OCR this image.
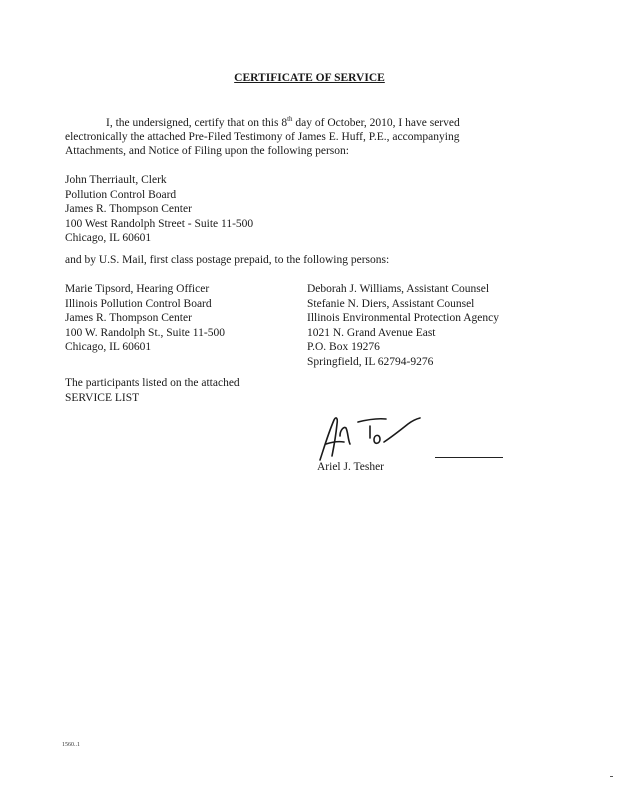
CERTIFICATE OF SERVICE
I, the undersigned, certify that on this 8th day of October, 2010, I have served
electronically the attached Pre-Filed Testimony of James E. Huff, P.E., accompanying
Attachments, and Notice of Filing upon the following person:
John Therriault, Clerk
Pollution Control Board
James R. Thompson Center
100 West Randolph Street - Suite 11-500
Chicago, IL 60601
and by U.S. Mail, first class postage prepaid, to the following persons:
Marie Tipsord, Hearing Officer
Illinois Pollution Control Board
James R. Thompson Center
100 W. Randolph St., Suite 11-500
Chicago, IL 60601
Deborah J. Williams, Assistant Counsel
Stefanie N. Diers, Assistant Counsel
Illinois Environmental Protection Agency
1021 N. Grand Avenue East
P.O. Box 19276
Springfield, IL 62794-9276
The participants listed on the attached
SERVICE LIST
Ariel J. Tesher
1560..1
